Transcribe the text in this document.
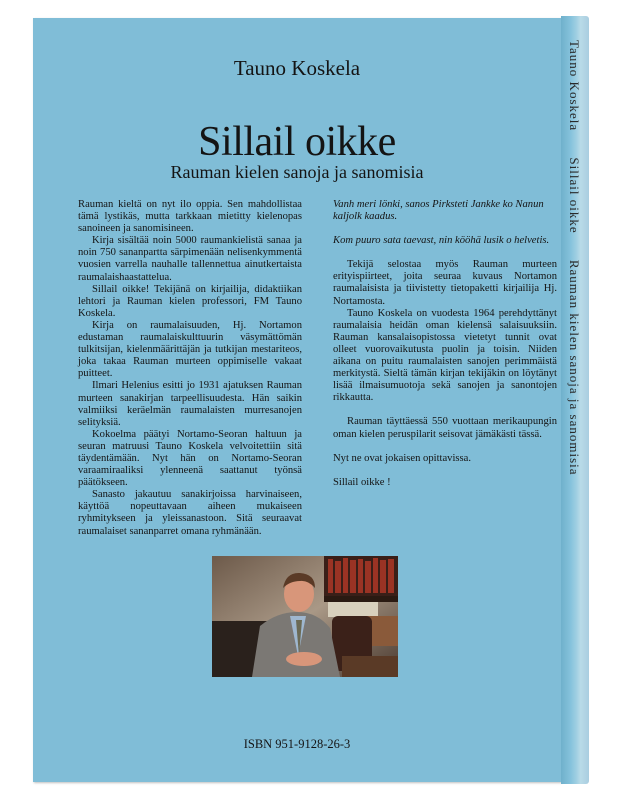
Tauno Koskela Sillail oikke Rauman kielen sanoja ja sanomisia
Tauno Koskela
Sillail oikke
Rauman kielen sanoja ja sanomisia

Rauman kieltä on nyt ilo oppia. Sen mahdollistaa tämä lystikäs, mutta tarkkaan mietitty kielenopas sanoineen ja sanomisineen.

Kirja sisältää noin 5000 raumankielistä sanaa ja noin 750 sananpartta särpimenään nelisenkymmentä vuosien varrella nauhalle tallennettua ainutkertaista raumalaishaastattelua.

Sillail oikke! Tekijänä on kirjailija, didaktiikan lehtori ja Rauman kielen professori, FM Tauno Koskela.

Kirja on raumalaisuuden, Hj. Nortamon edustaman raumalaiskulttuurin väsymättömän tulkitsijan, kielenmäärittäjän ja tutkijan mestariteos, joka takaa Rauman murteen oppimiselle vakaat puitteet.

Ilmari Helenius esitti jo 1931 ajatuksen Rauman murteen sanakirjan tarpeellisuudesta. Hän saikin valmiiksi keräelmän raumalaisten murresanojen selityksiä.

Kokoelma päätyi Nortamo-Seoran haltuun ja seuran matruusi Tauno Koskela velvoitettiin sitä täydentämään. Nyt hän on Nortamo-Seoran varaamiraaliksi ylenneenä saattanut työnsä päätökseen.

Sanasto jakautuu sanakirjoissa harvinaiseen, käyttöä nopeuttavaan aiheen mukaiseen ryhmitykseen ja yleissanastoon. Sitä seuraavat raumalaiset sananparret omana ryhmänään.

Vanh meri lönki, sanos Pirksteti Jankke ko Nanun kaljolk kaadus.

Kom puuro sata taevast, nin kööhä lusik o helvetis.

Tekijä selostaa myös Rauman murteen erityispiirteet, joita seuraa kuvaus Nortamon raumalaisista ja tiivistetty tietopaketti kirjailija Hj. Nortamosta.

Tauno Koskela on vuodesta 1964 perehdyttänyt raumalaisia heidän oman kielensä salaisuuksiin. Rauman kansalaisopistossa vietetyt tunnit ovat olleet vuorovaikutusta puolin ja toisin. Niiden aikana on puitu raumalaisten sanojen perimmäistä merkitystä. Sieltä tämän kirjan tekijäkin on löytänyt lisää ilmaisumuotoja sekä sanojen ja sanontojen rikkautta.

Rauman täyttäessä 550 vuottaan merikaupungin oman kielen peruspilarit seisovat jämäkästi tässä.

Nyt ne ovat jokaisen opittavissa.

Sillail oikke !

ISBN 951-9128-26-3
